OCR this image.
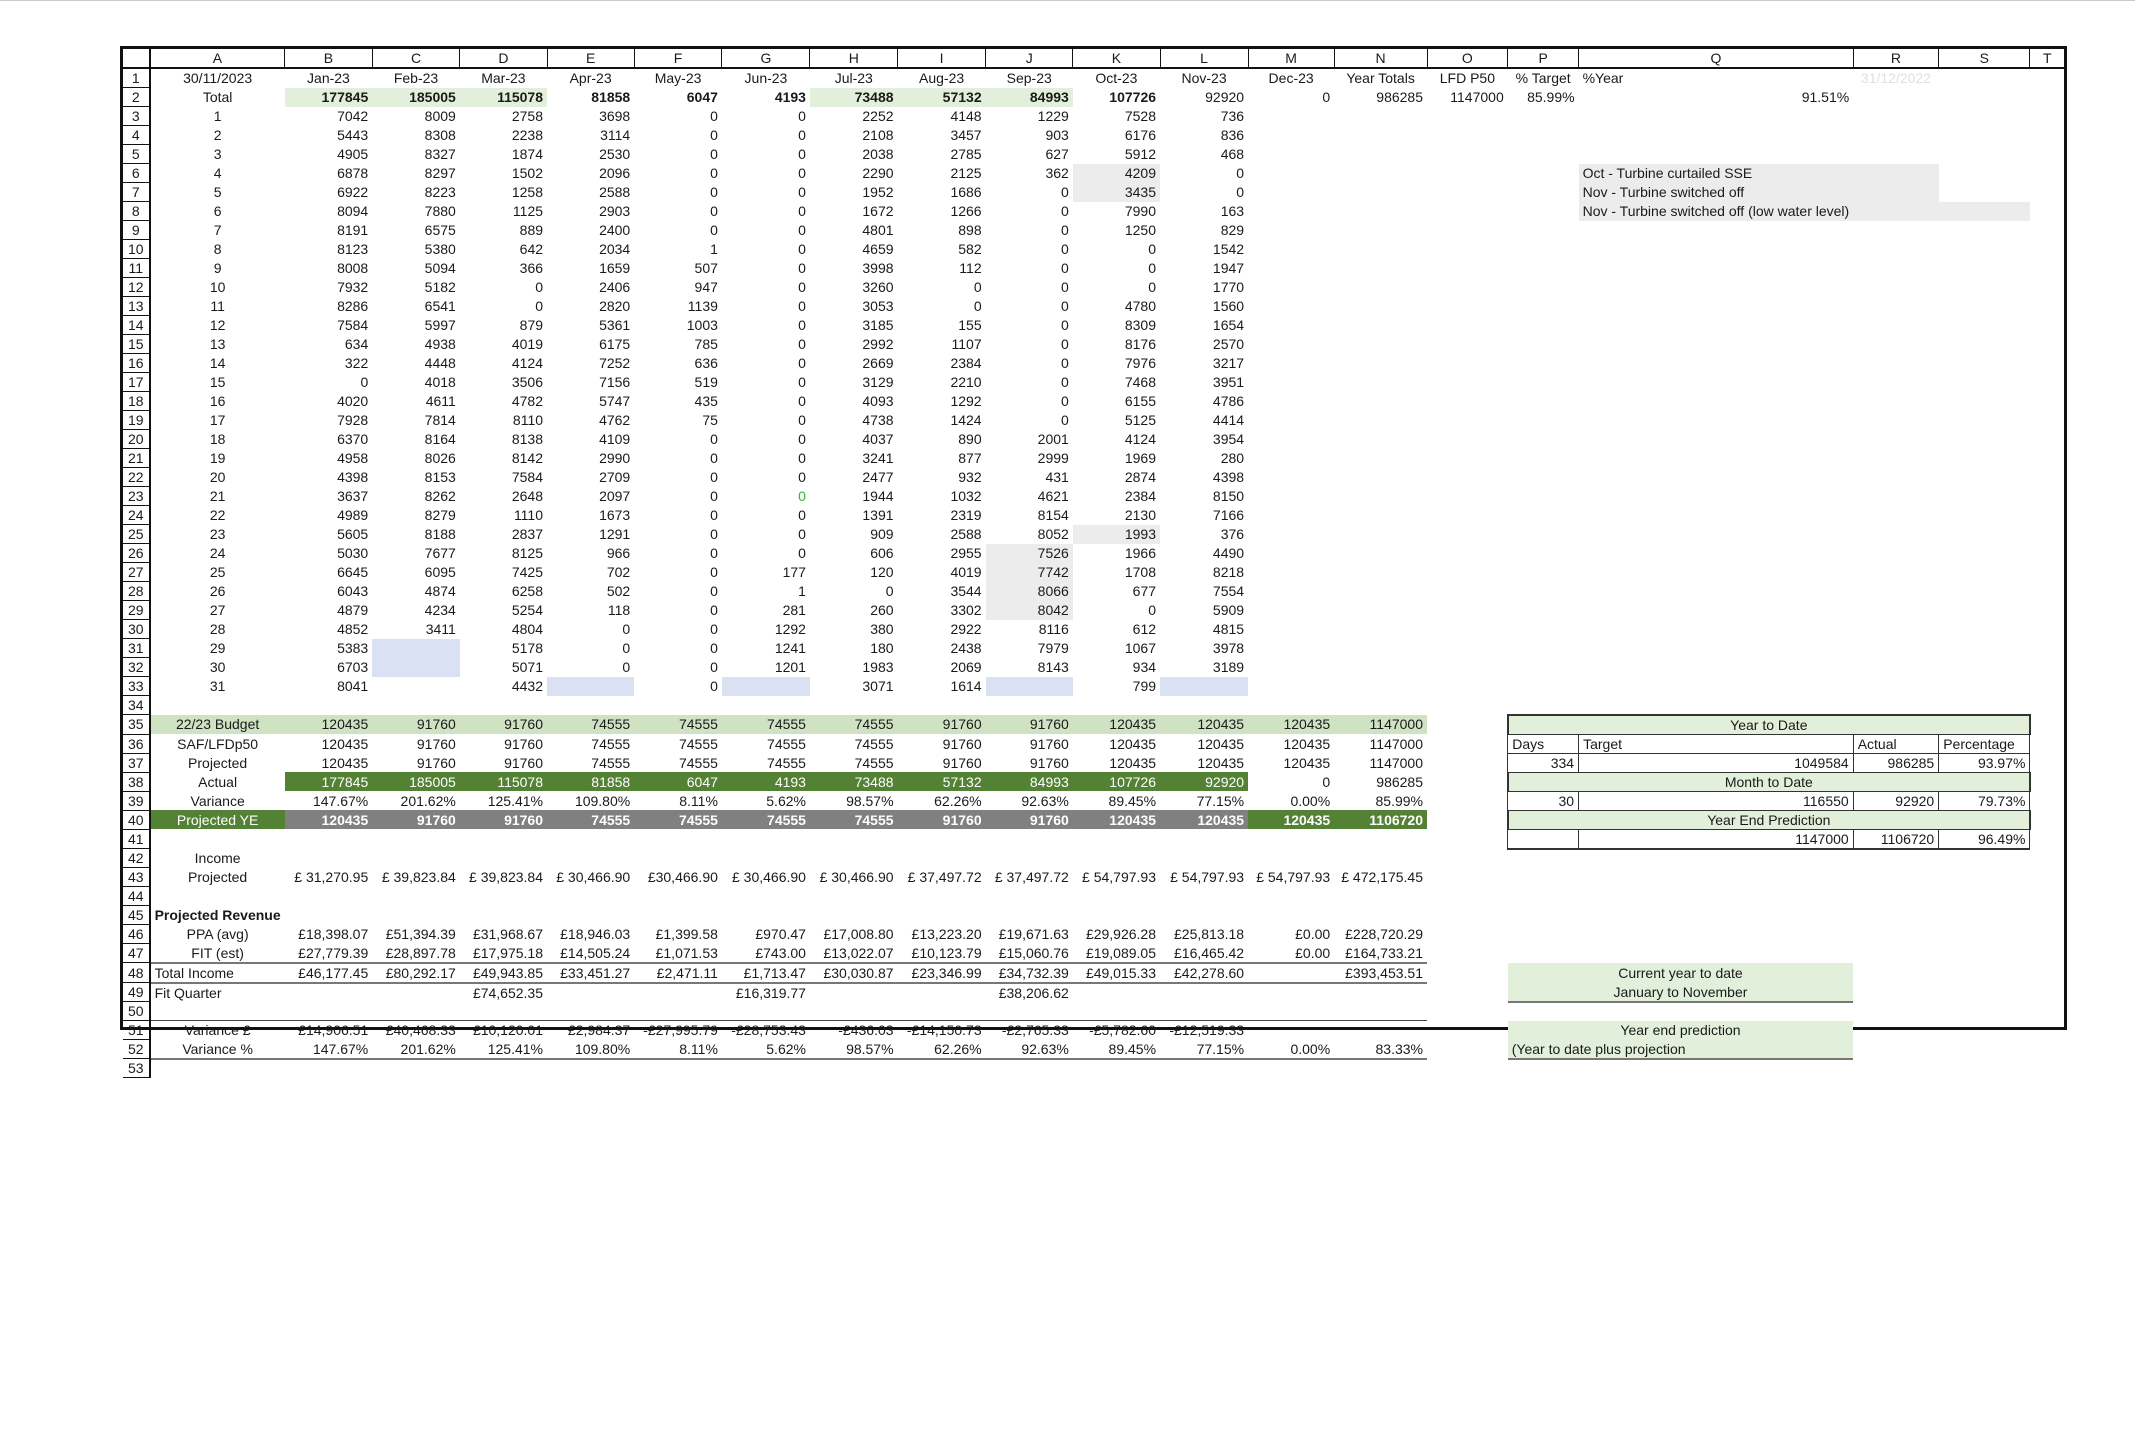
	A	B	C	D	E	F	G	H	I	J	K	L	M	N	O	P	Q	R	S	T
1	30/11/2023	Jan-23	Feb-23	Mar-23	Apr-23	May-23	Jun-23	Jul-23	Aug-23	Sep-23	Oct-23	Nov-23	Dec-23	Year Totals	LFD P50	% Target	%Year	31/12/2022		
2	Total	177845	185005	115078	81858	6047	4193	73488	57132	84993	107726	92920	0	986285	1147000	85.99%	91.51%			
3	1	7042	8009	2758	3698	0	0	2252	4148	1229	7528	736								
4	2	5443	8308	2238	3114	0	0	2108	3457	903	6176	836								
5	3	4905	8327	1874	2530	0	0	2038	2785	627	5912	468								
6	4	6878	8297	1502	2096	0	0	2290	2125	362	4209	0					Oct - Turbine curtailed SSE			
7	5	6922	8223	1258	2588	0	0	1952	1686	0	3435	0					Nov - Turbine switched off			
8	6	8094	7880	1125	2903	0	0	1672	1266	0	7990	163					Nov - Turbine switched off (low water level)			
9	7	8191	6575	889	2400	0	0	4801	898	0	1250	829								
10	8	8123	5380	642	2034	1	0	4659	582	0	0	1542								
11	9	8008	5094	366	1659	507	0	3998	112	0	0	1947								
12	10	7932	5182	0	2406	947	0	3260	0	0	0	1770								
13	11	8286	6541	0	2820	1139	0	3053	0	0	4780	1560								
14	12	7584	5997	879	5361	1003	0	3185	155	0	8309	1654								
15	13	634	4938	4019	6175	785	0	2992	1107	0	8176	2570								
16	14	322	4448	4124	7252	636	0	2669	2384	0	7976	3217								
17	15	0	4018	3506	7156	519	0	3129	2210	0	7468	3951								
18	16	4020	4611	4782	5747	435	0	4093	1292	0	6155	4786								
19	17	7928	7814	8110	4762	75	0	4738	1424	0	5125	4414								
20	18	6370	8164	8138	4109	0	0	4037	890	2001	4124	3954								
21	19	4958	8026	8142	2990	0	0	3241	877	2999	1969	280								
22	20	4398	8153	7584	2709	0	0	2477	932	431	2874	4398								
23	21	3637	8262	2648	2097	0	0	1944	1032	4621	2384	8150								
24	22	4989	8279	1110	1673	0	0	1391	2319	8154	2130	7166								
25	23	5605	8188	2837	1291	0	0	909	2588	8052	1993	376								
26	24	5030	7677	8125	966	0	0	606	2955	7526	1966	4490								
27	25	6645	6095	7425	702	0	177	120	4019	7742	1708	8218								
28	26	6043	4874	6258	502	0	1	0	3544	8066	677	7554								
29	27	4879	4234	5254	118	0	281	260	3302	8042	0	5909								
30	28	4852	3411	4804	0	0	1292	380	2922	8116	612	4815								
31	29	5383		5178	0	0	1241	180	2438	7979	1067	3978								
32	30	6703		5071	0	0	1201	1983	2069	8143	934	3189								
33	31	8041		4432		0		3071	1614		799									
34																				
35	22/23 Budget	120435	91760	91760	74555	74555	74555	74555	91760	91760	120435	120435	120435	1147000		Year to Date				
36	SAF/LFDp50	120435	91760	91760	74555	74555	74555	74555	91760	91760	120435	120435	120435	1147000		Days	Target	Actual	Percentage	
37	Projected	120435	91760	91760	74555	74555	74555	74555	91760	91760	120435	120435	120435	1147000		334	1049584	986285	93.97%	
38	Actual	177845	185005	115078	81858	6047	4193	73488	57132	84993	107726	92920	0	986285		Month to Date				
39	Variance	147.67%	201.62%	125.41%	109.80%	8.11%	5.62%	98.57%	62.26%	92.63%	89.45%	77.15%	0.00%	85.99%		30	116550	92920	79.73%	
40	Projected YE	120435	91760	91760	74555	74555	74555	74555	91760	91760	120435	120435	120435	1106720		Year End Prediction				
41																	1147000	1106720	96.49%	
42	Income																			
43	Projected	£ 31,270.95	£ 39,823.84	£ 39,823.84	£ 30,466.90	£30,466.90	£ 30,466.90	£ 30,466.90	£ 37,497.72	£ 37,497.72	£ 54,797.93	£ 54,797.93	£ 54,797.93	£ 472,175.45						
44																				
45	Projected Revenue																			
46	PPA (avg)	£18,398.07	£51,394.39	£31,968.67	£18,946.03	£1,399.58	£970.47	£17,008.80	£13,223.20	£19,671.63	£29,926.28	£25,813.18	£0.00	£228,720.29						
47	FIT (est)	£27,779.39	£28,897.78	£17,975.18	£14,505.24	£1,071.53	£743.00	£13,022.07	£10,123.79	£15,060.76	£19,089.05	£16,465.42	£0.00	£164,733.21						
48	Total Income	£46,177.45	£80,292.17	£49,943.85	£33,451.27	£2,471.11	£1,713.47	£30,030.87	£23,346.99	£34,732.39	£49,015.33	£42,278.60		£393,453.51		Current year to date				
49	Fit Quarter			£74,652.35			£16,319.77			£38,206.62						January to November				
50																				
51	Variance £	£14,906.51	£40,468.33	£10,120.01	£2,984.37	-£27,995.79	-£28,753.43	-£436.03	-£14,150.73	-£2,765.33	-£5,782.60	-£12,519.33				Year end prediction				
52	Variance %	147.67%	201.62%	125.41%	109.80%	8.11%	5.62%	98.57%	62.26%	92.63%	89.45%	77.15%	0.00%	83.33%		(Year to date plus projection				
53																				
